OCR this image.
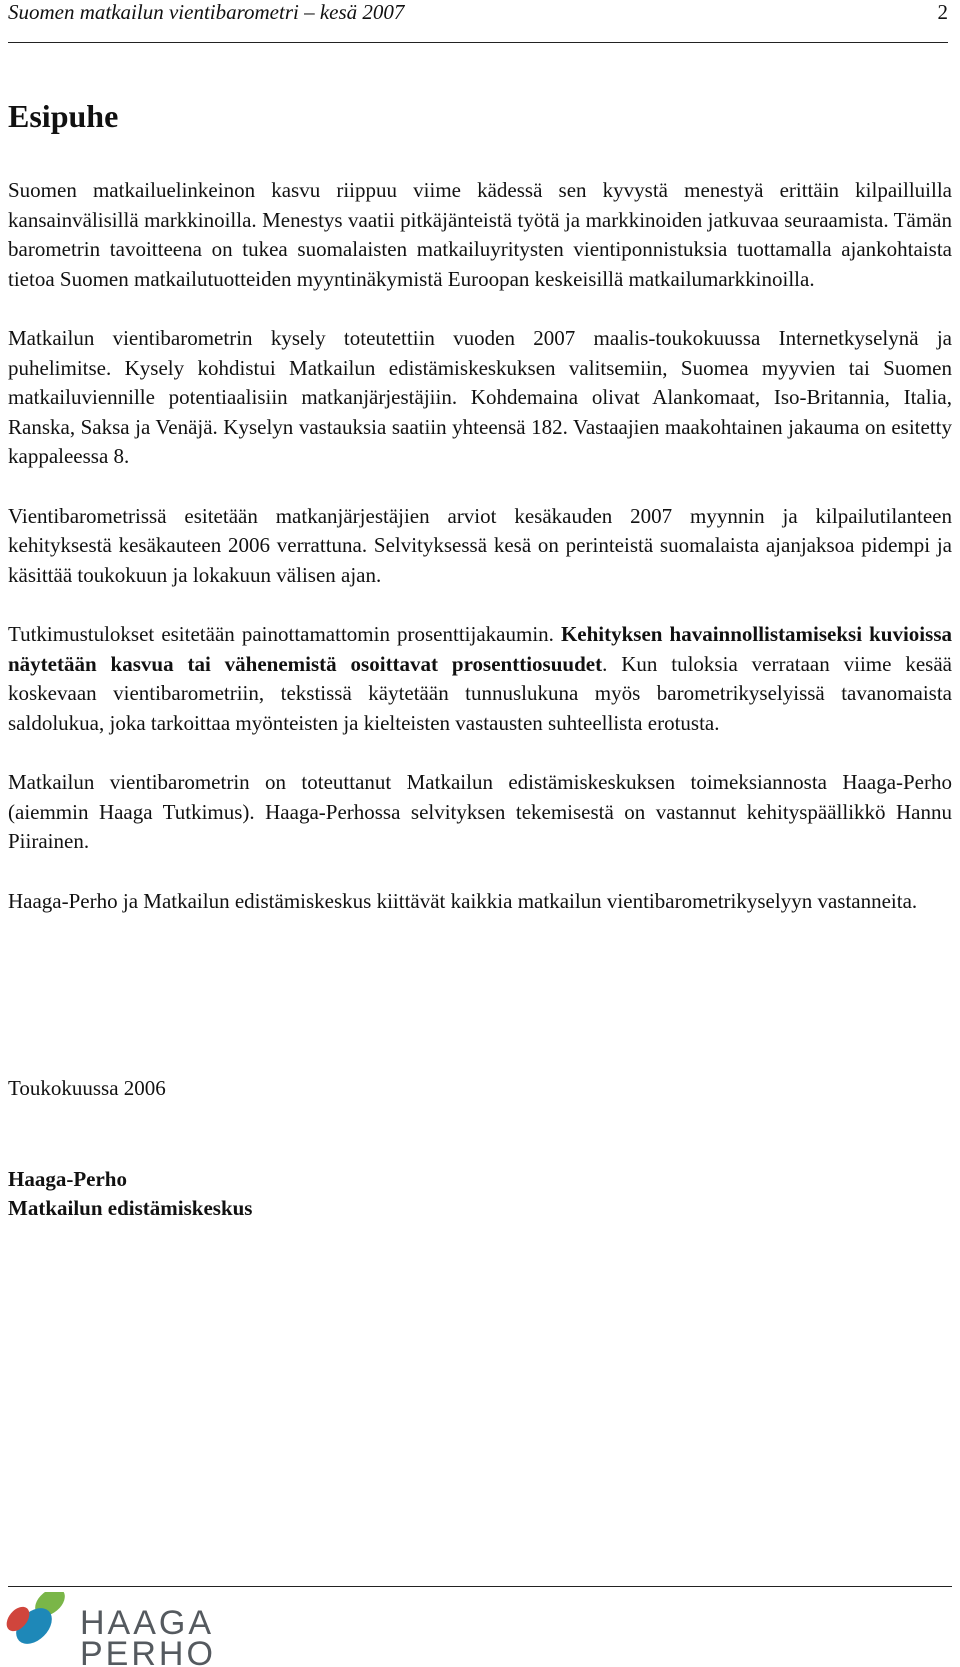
Suomen matkailun vientibarometri – kesä 2007	2
Esipuhe

Suomen matkailuelinkeinon kasvu riippuu viime kädessä sen kyvystä menestyä erittäin kilpailluilla kansainvälisillä markkinoilla. Menestys vaatii pitkäjänteistä työtä ja markkinoiden jatkuvaa seuraamista. Tämän barometrin tavoitteena on tukea suomalaisten matkailuyritysten vientiponnistuksia tuottamalla ajankohtaista tietoa Suomen matkailutuotteiden myyntinäkymistä Euroopan keskeisillä matkailumarkkinoilla.

Matkailun vientibarometrin kysely toteutettiin vuoden 2007 maalis-toukokuussa Internetkyselynä ja puhelimitse. Kysely kohdistui Matkailun edistämiskeskuksen valitsemiin, Suomea myyvien tai Suomen matkailuviennille potentiaalisiin matkanjärjestäjiin. Kohdemaina olivat Alankomaat, Iso-Britannia, Italia, Ranska, Saksa ja Venäjä. Kyselyn vastauksia saatiin yhteensä 182. Vastaajien maakohtainen jakauma on esitetty kappaleessa 8.

Vientibarometrissä esitetään matkanjärjestäjien arviot kesäkauden 2007 myynnin ja kilpailutilanteen kehityksestä kesäkauteen 2006 verrattuna. Selvityksessä kesä on perinteistä suomalaista ajanjaksoa pidempi ja käsittää toukokuun ja lokakuun välisen ajan.

Tutkimustulokset esitetään painottamattomin prosenttijakaumin. Kehityksen havainnollistamiseksi kuvioissa näytetään kasvua tai vähenemistä osoittavat prosenttiosuudet. Kun tuloksia verrataan viime kesää koskevaan vientibarometriin, tekstissä käytetään tunnuslukuna myös barometrikyselyissä tavanomaista saldolukua, joka tarkoittaa myönteisten ja kielteisten vastausten suhteellista erotusta.

Matkailun vientibarometrin on toteuttanut Matkailun edistämiskeskuksen toimeksiannosta Haaga-Perho (aiemmin Haaga Tutkimus). Haaga-Perhossa selvityksen tekemisestä on vastannut kehityspäällikkö Hannu Piirainen.

Haaga-Perho ja Matkailun edistämiskeskus kiittävät kaikkia matkailun vientibarometrikyselyyn vastanneita.

Toukokuussa 2006
Haaga-Perho
Matkailun edistämiskeskus
HAAGA
PERHO
